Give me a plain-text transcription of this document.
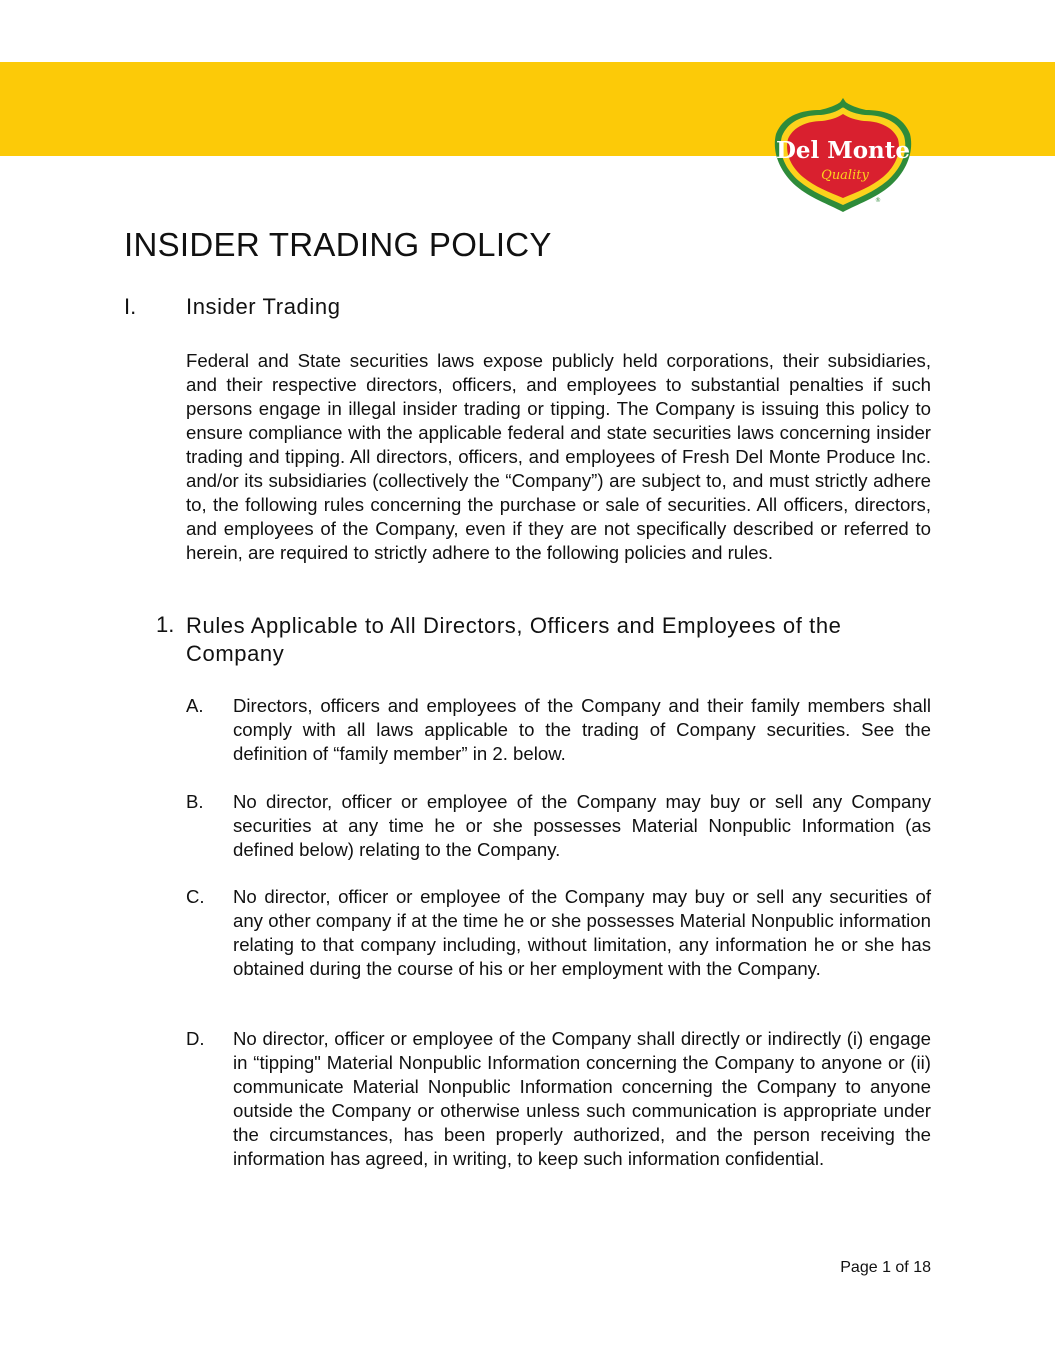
Del Monte
Quality
®
INSIDER TRADING POLICY
I. Insider Trading

Federal and State securities laws expose publicly held corporations, their subsidiaries, and their respective directors, officers, and employees to substantial penalties if such persons engage in illegal insider trading or tipping. The Company is issuing this policy to ensure compliance with the applicable federal and state securities laws concerning insider trading and tipping. All directors, officers, and employees of Fresh Del Monte Produce Inc. and/or its subsidiaries (collectively the “Company”) are subject to, and must strictly adhere to, the following rules concerning the purchase or sale of securities. All officers, directors, and employees of the Company, even if they are not specifically described or referred to herein, are required to strictly adhere to the following policies and rules.

1. Rules Applicable to All Directors, Officers and Employees of the Company
A. Directors, officers and employees of the Company and their family members shall comply with all laws applicable to the trading of Company securities. See the definition of “family member” in 2. below.

B. No director, officer or employee of the Company may buy or sell any Company securities at any time he or she possesses Material Nonpublic Information (as defined below) relating to the Company.

C. No director, officer or employee of the Company may buy or sell any securities of any other company if at the time he or she possesses Material Nonpublic information relating to that company including, without limitation, any information he or she has obtained during the course of his or her employment with the Company.

D. No director, officer or employee of the Company shall directly or indirectly (i) engage in “tipping" Material Nonpublic Information concerning the Company to anyone or (ii) communicate Material Nonpublic Information concerning the Company to anyone outside the Company or otherwise unless such communication is appropriate under the circumstances, has been properly authorized, and the person receiving the information has agreed, in writing, to keep such information confidential.

Page 1 of 18
